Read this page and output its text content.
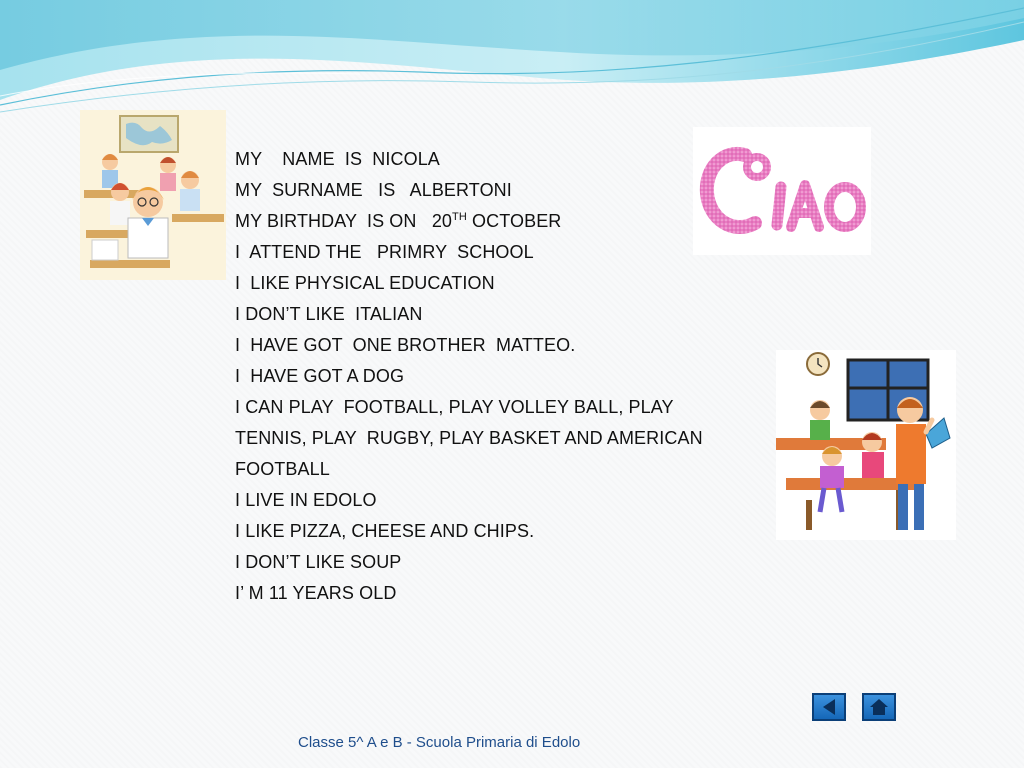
MY    NAME  IS  NICOLA
MY  SURNAME   IS   ALBERTONI
MY BIRTHDAY  IS ON   20TH OCTOBER
I  ATTEND THE   PRIMRY  SCHOOL
I  LIKE PHYSICAL EDUCATION
I DON’T LIKE  ITALIAN
I  HAVE GOT  ONE BROTHER  MATTEO.
I  HAVE GOT A DOG
I CAN PLAY  FOOTBALL, PLAY VOLLEY BALL, PLAY
TENNIS, PLAY  RUGBY, PLAY BASKET AND AMERICAN
FOOTBALL
I LIVE IN EDOLO
I LIKE PIZZA, CHEESE AND CHIPS.
I DON’T LIKE SOUP
I’ M 11 YEARS OLD
Classe 5^ A e B - Scuola Primaria di Edolo
